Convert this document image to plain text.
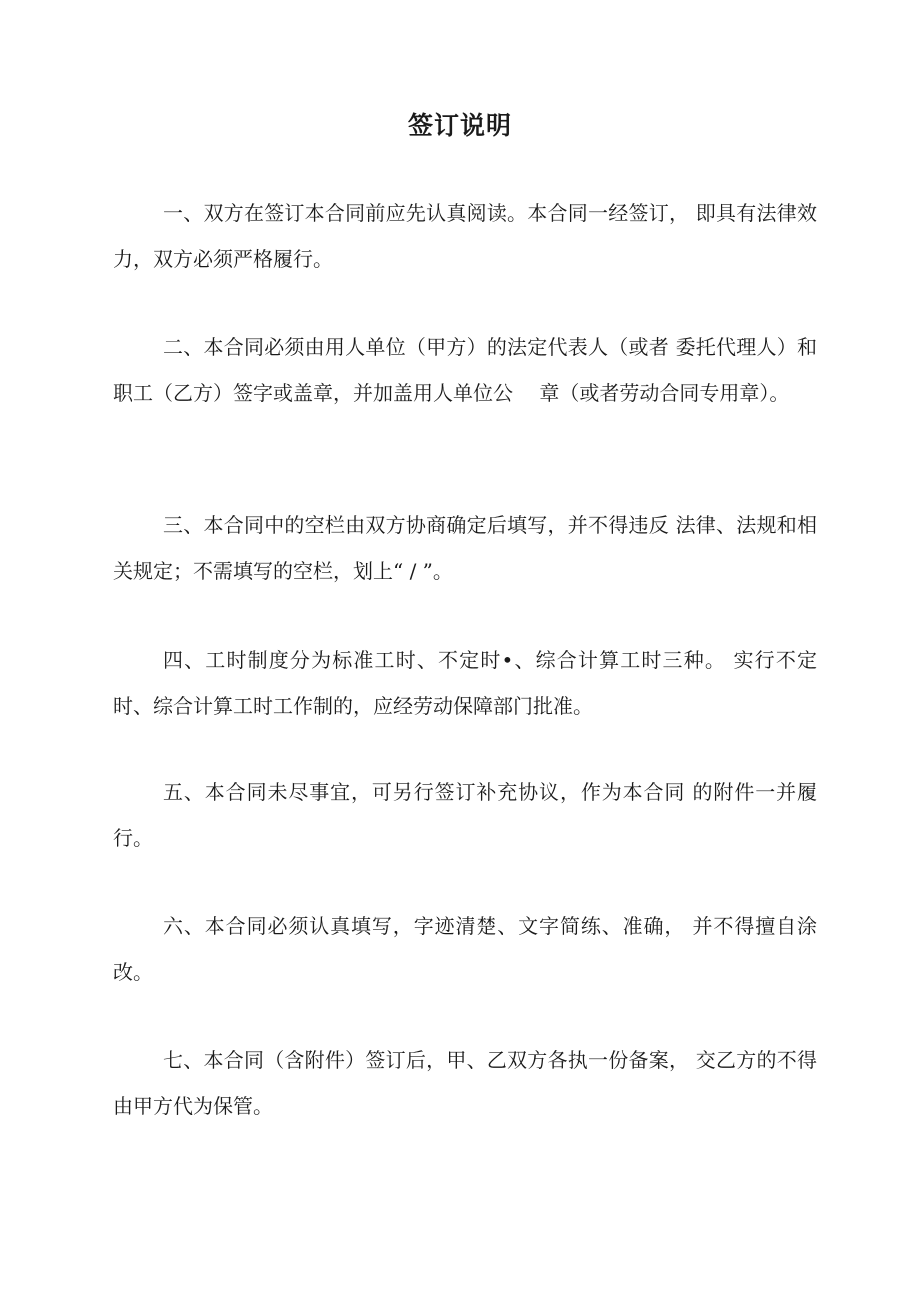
签订说明

一、双方在签订本合同前应先认真阅读。本合同一经签订， 即具有法律效力，双方必须严格履行。

二、本合同必须由用人单位（甲方）的法定代表人（或者 委托代理人）和职工（乙方）签字或盖章，并加盖用人单位公　 章（或者劳动合同专用章）。

三、本合同中的空栏由双方协商确定后填写，并不得违反 法律、法规和相关规定；不需填写的空栏，划上“ / ”。

四、工时制度分为标准工时、不定时•、综合计算工时三种。 实行不定时、综合计算工时工作制的，应经劳动保障部门批准。

五、本合同未尽事宜，可另行签订补充协议，作为本合同 的附件一并履行。

六、本合同必须认真填写，字迹清楚、文字简练、准确， 并不得擅自涂改。

七、本合同（含附件）签订后，甲、乙双方各执一份备案， 交乙方的不得由甲方代为保管。
